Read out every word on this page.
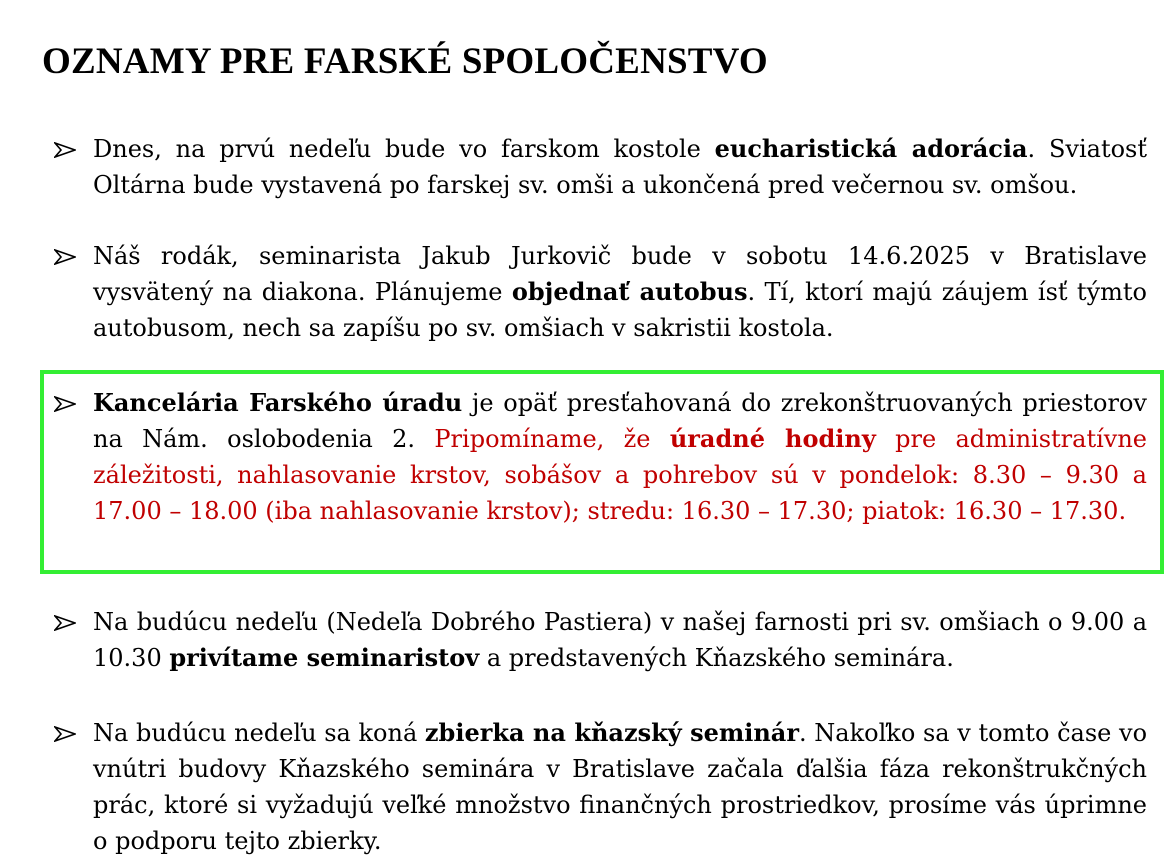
OZNAMY PRE FARSKÉ SPOLOČENSTVO
Dnes, na prvú nedeľu bude vo farskom kostole eucharistická adorácia. Sviatosť Oltárna bude vystavená po farskej sv. omši a ukončená pred večernou sv. omšou.
Náš rodák, seminarista Jakub Jurkovič bude v sobotu 14.6.2025 v Bratislave vysvätený na diakona. Plánujeme objednať autobus. Tí, ktorí majú záujem ísť týmto autobusom, nech sa zapíšu po sv. omšiach v sakristii kostola.
Kancelária Farského úradu je opäť presťahovaná do zrekonštruovaných priestorov na Nám. oslobodenia 2. Pripomíname, že úradné hodiny pre administratívne záležitosti, nahlasovanie krstov, sobášov a pohrebov sú v pondelok: 8.30 – 9.30 a 17.00 – 18.00 (iba nahlasovanie krstov); stredu: 16.30 – 17.30; piatok: 16.30 – 17.30.
Na budúcu nedeľu (Nedeľa Dobrého Pastiera) v našej farnosti pri sv. omšiach o 9.00 a 10.30 privítame seminaristov a predstavených Kňazského seminára.
Na budúcu nedeľu sa koná zbierka na kňazský seminár. Nakoľko sa v tomto čase vo vnútri budovy Kňazského seminára v Bratislave začala ďalšia fáza rekonštrukčných prác, ktoré si vyžadujú veľké množstvo finančných prostriedkov, prosíme vás úprimne o podporu tejto zbierky.
